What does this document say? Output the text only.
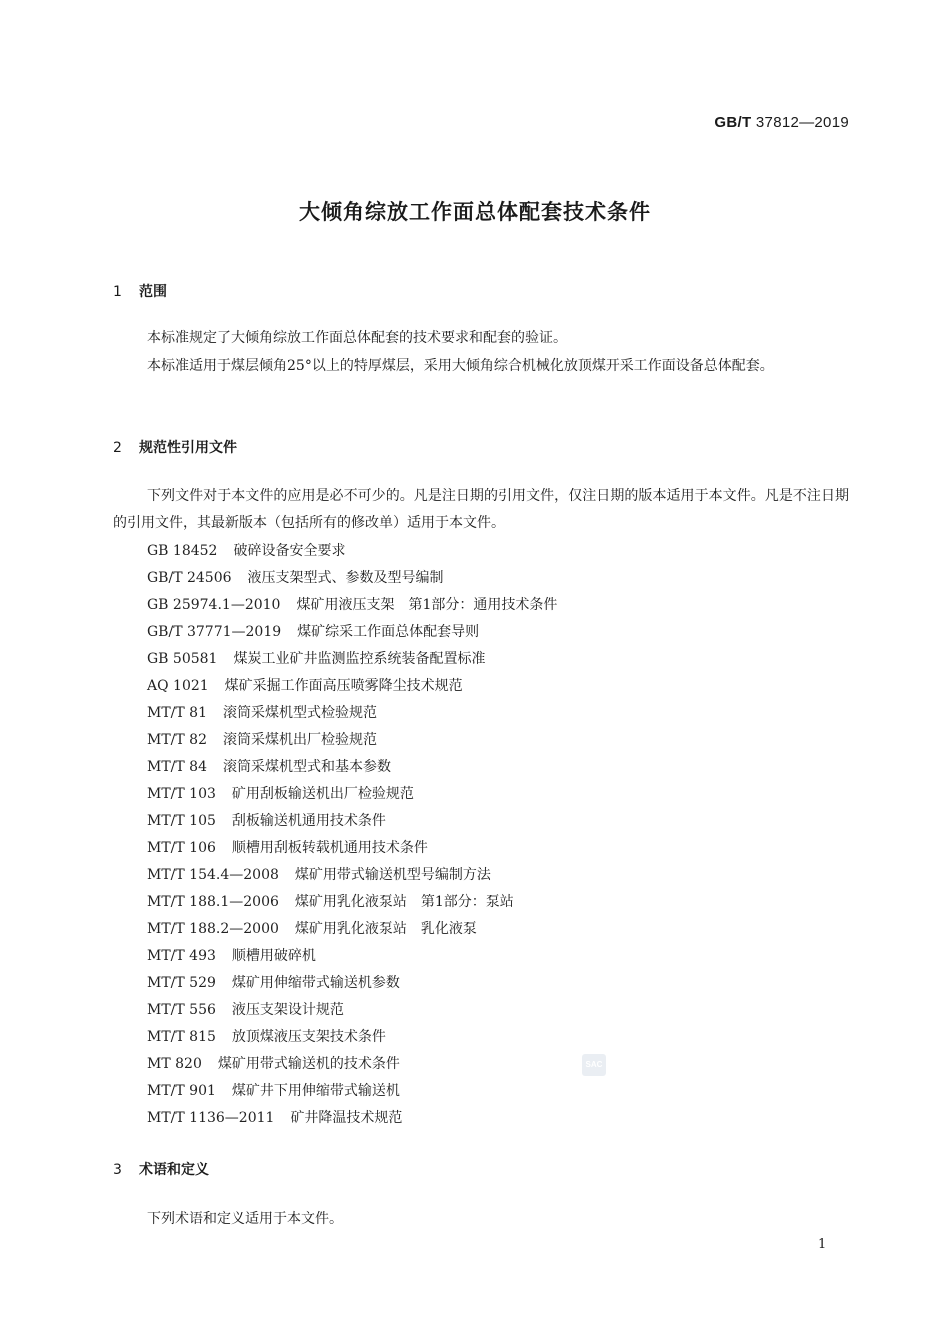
GB/T 37812—2019
大倾角综放工作面总体配套技术条件
1 范围

本标准规定了大倾角综放工作面总体配套的技术要求和配套的验证。

本标准适用于煤层倾角25°以上的特厚煤层，采用大倾角综合机械化放顶煤开采工作面设备总体配套。

2 规范性引用文件

下列文件对于本文件的应用是必不可少的。凡是注日期的引用文件，仅注日期的版本适用于本文件。凡是不注日期的引用文件，其最新版本（包括所有的修改单）适用于本文件。

GB 18452 破碎设备安全要求
GB/T 24506 液压支架型式、参数及型号编制
GB 25974.1—2010 煤矿用液压支架　第1部分：通用技术条件
GB/T 37771—2019 煤矿综采工作面总体配套导则
GB 50581 煤炭工业矿井监测监控系统装备配置标准
AQ 1021 煤矿采掘工作面高压喷雾降尘技术规范
MT/T 81 滚筒采煤机型式检验规范
MT/T 82 滚筒采煤机出厂检验规范
MT/T 84 滚筒采煤机型式和基本参数
MT/T 103 矿用刮板输送机出厂检验规范
MT/T 105 刮板输送机通用技术条件
MT/T 106 顺槽用刮板转载机通用技术条件
MT/T 154.4—2008 煤矿用带式输送机型号编制方法
MT/T 188.1—2006 煤矿用乳化液泵站　第1部分：泵站
MT/T 188.2—2000 煤矿用乳化液泵站　乳化液泵
MT/T 493 顺槽用破碎机
MT/T 529 煤矿用伸缩带式输送机参数
MT/T 556 液压支架设计规范
MT/T 815 放顶煤液压支架技术条件
MT 820 煤矿用带式输送机的技术条件
MT/T 901 煤矿井下用伸缩带式输送机
MT/T 1136—2011 矿井降温技术规范
SAC
3 术语和定义

下列术语和定义适用于本文件。

1
